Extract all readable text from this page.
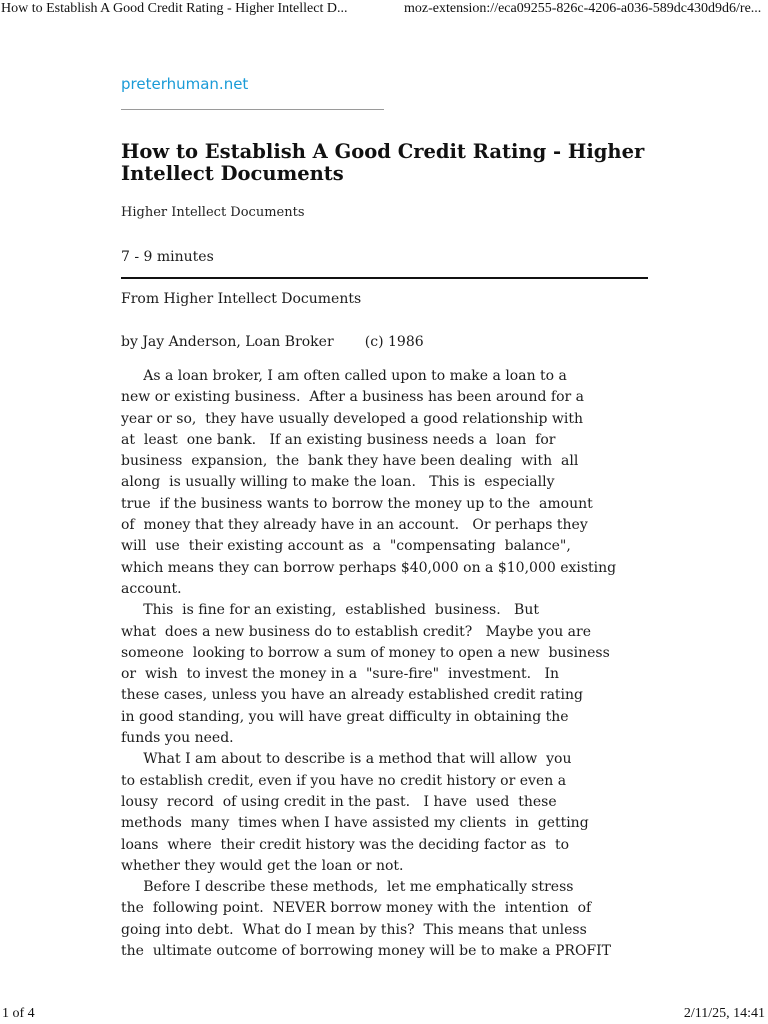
How to Establish A Good Credit Rating - Higher Intellect D...	moz-extension://eca09255-826c-4206-a036-589dc430d9d6/re...
preterhuman.net
How to Establish A Good Credit Rating - Higher Intellect Documents
Higher Intellect Documents
7 - 9 minutes
From Higher Intellect Documents
by Jay Anderson, Loan Broker       (c) 1986
As a loan broker, I am often called upon to make a loan to a
new or existing business.  After a business has been around for a
year or so,  they have usually developed a good relationship with
at  least  one bank.   If an existing business needs a  loan  for
business  expansion,  the  bank they have been dealing  with  all
along  is usually willing to make the loan.   This is  especially
true  if the business wants to borrow the money up to the  amount
of  money that they already have in an account.   Or perhaps they
will  use  their existing account as  a  "compensating  balance",
which means they can borrow perhaps $40,000 on a $10,000 existing
account.
This  is fine for an existing,  established  business.   But
what  does a new business do to establish credit?   Maybe you are
someone  looking to borrow a sum of money to open a new  business
or  wish  to invest the money in a  "sure-fire"  investment.   In
these cases, unless you have an already established credit rating
in good standing, you will have great difficulty in obtaining the
funds you need.
What I am about to describe is a method that will allow  you
to establish credit, even if you have no credit history or even a
lousy  record  of using credit in the past.   I have  used  these
methods  many  times when I have assisted my clients  in  getting
loans  where  their credit history was the deciding factor as  to
whether they would get the loan or not.
Before I describe these methods,  let me emphatically stress
the  following point.  NEVER borrow money with the  intention  of
going into debt.  What do I mean by this?  This means that unless
the  ultimate outcome of borrowing money will be to make a PROFIT
1 of 4	2/11/25, 14:41
